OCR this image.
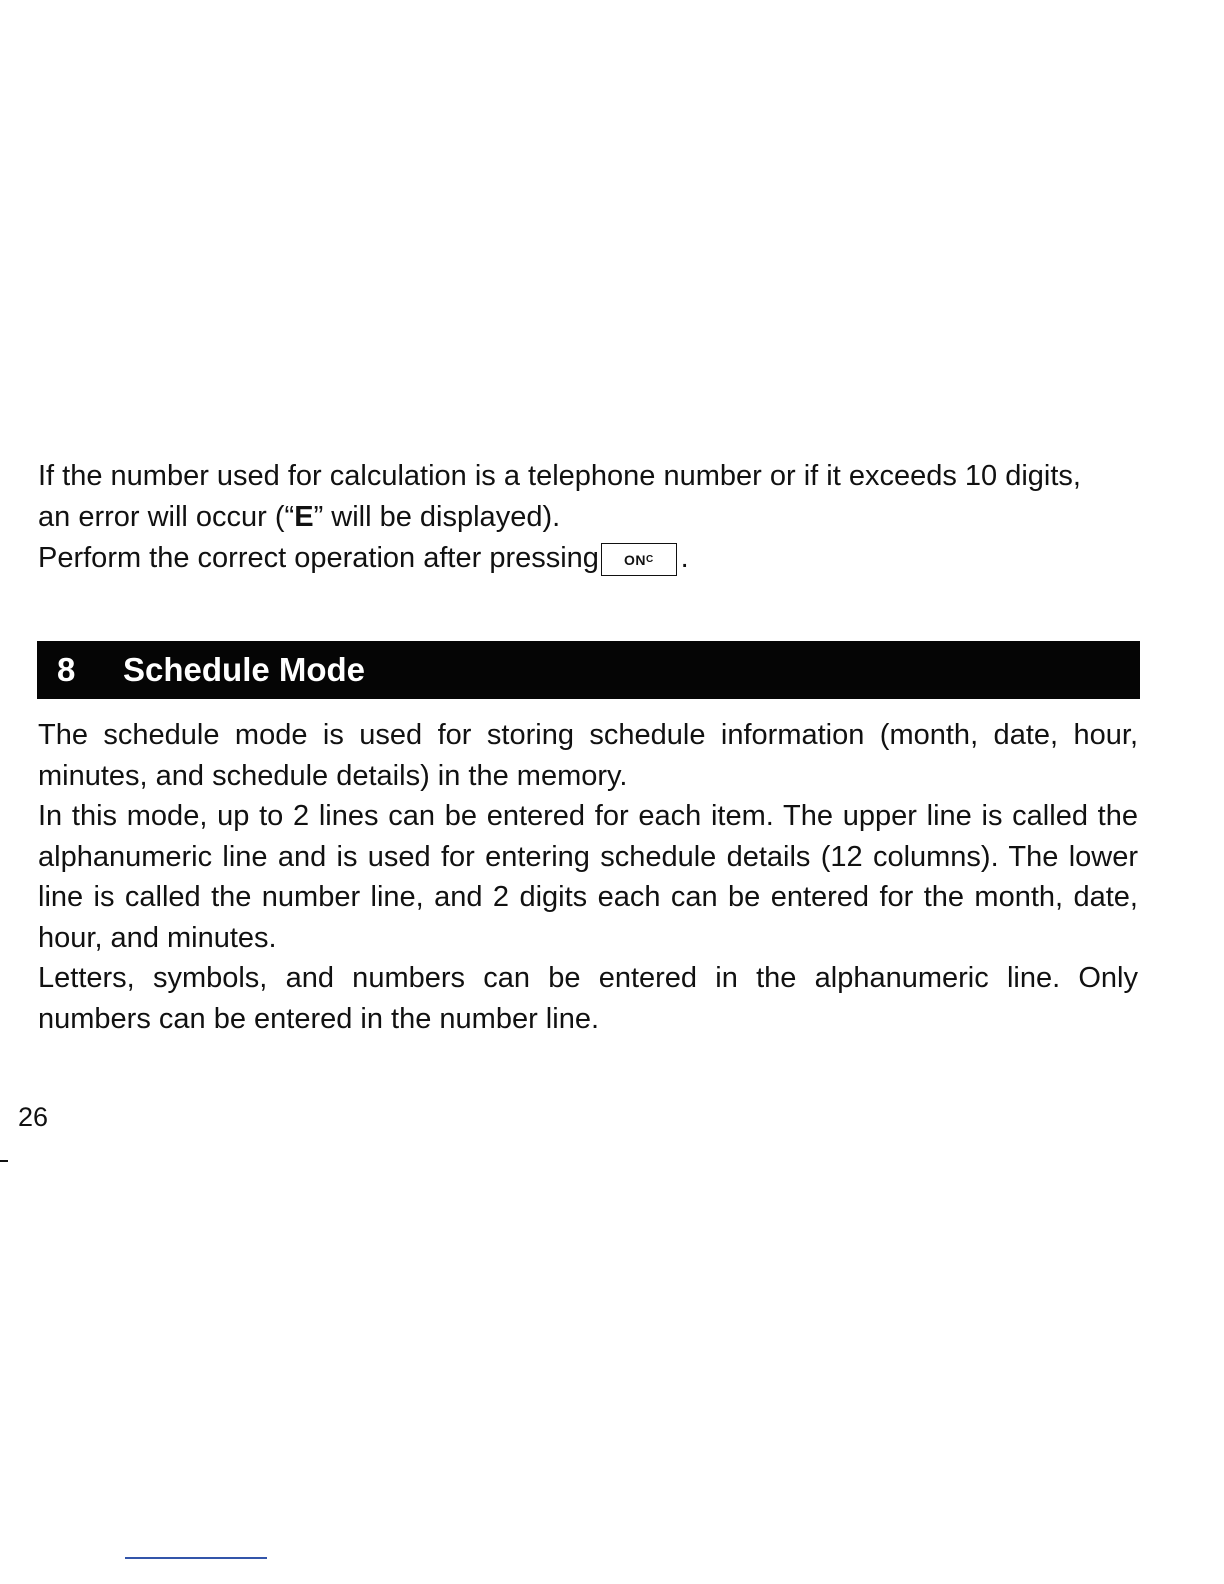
If the number used for calculation is a telephone number or if it exceeds 10 digits,

an error will occur (“E” will be displayed).

Perform the correct operation after pressing $ON^C$ .

8 Schedule Mode

The schedule mode is used for storing schedule information (month, date, hour, minutes, and schedule details) in the memory.

In this mode, up to 2 lines can be entered for each item. The upper line is called the alphanumeric line and is used for entering schedule details (12 columns). The lower line is called the number line, and 2 digits each can be entered for the month, date, hour, and minutes.

Letters, symbols, and numbers can be entered in the alphanumeric line. Only numbers can be entered in the number line.

26
